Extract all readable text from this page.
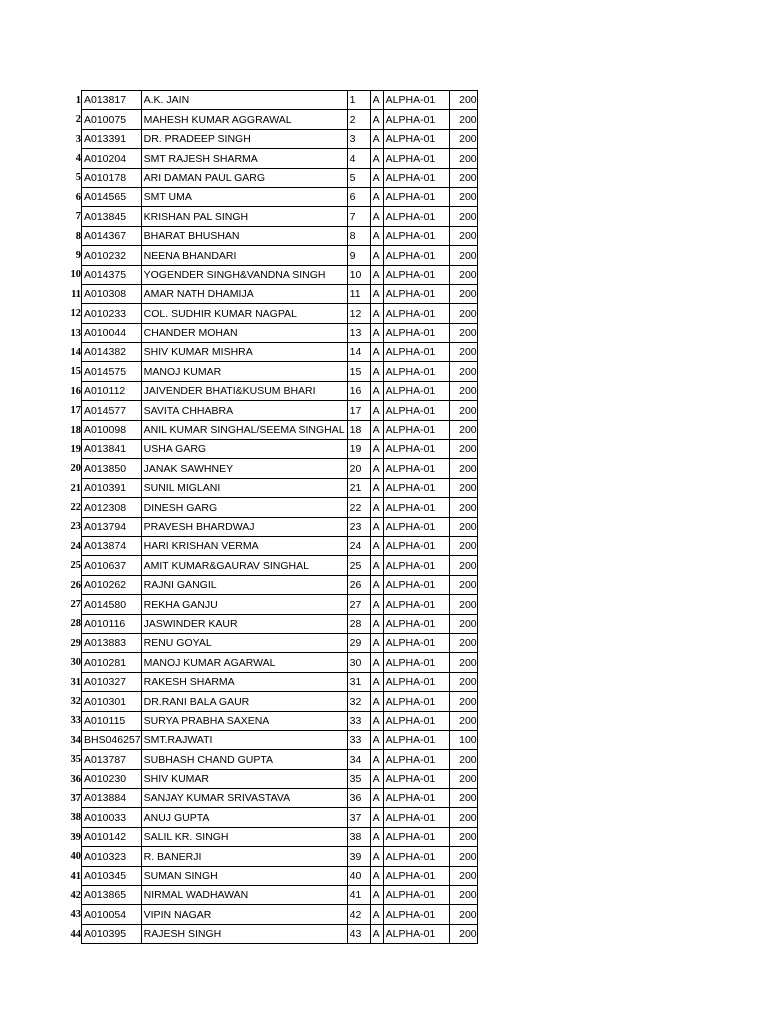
1	A013817	A.K. JAIN	1	A	ALPHA-01	200
2	A010075	MAHESH KUMAR AGGRAWAL	2	A	ALPHA-01	200
3	A013391	DR. PRADEEP SINGH	3	A	ALPHA-01	200
4	A010204	SMT RAJESH SHARMA	4	A	ALPHA-01	200
5	A010178	ARI DAMAN PAUL GARG	5	A	ALPHA-01	200
6	A014565	SMT UMA	6	A	ALPHA-01	200
7	A013845	KRISHAN PAL SINGH	7	A	ALPHA-01	200
8	A014367	BHARAT BHUSHAN	8	A	ALPHA-01	200
9	A010232	NEENA BHANDARI	9	A	ALPHA-01	200
10	A014375	YOGENDER SINGH&VANDNA SINGH	10	A	ALPHA-01	200
11	A010308	AMAR NATH DHAMIJA	11	A	ALPHA-01	200
12	A010233	COL. SUDHIR KUMAR NAGPAL	12	A	ALPHA-01	200
13	A010044	CHANDER MOHAN	13	A	ALPHA-01	200
14	A014382	SHIV KUMAR MISHRA	14	A	ALPHA-01	200
15	A014575	MANOJ KUMAR	15	A	ALPHA-01	200
16	A010112	JAIVENDER BHATI&KUSUM BHARI	16	A	ALPHA-01	200
17	A014577	SAVITA CHHABRA	17	A	ALPHA-01	200
18	A010098	ANIL KUMAR SINGHAL/SEEMA SINGHAL	18	A	ALPHA-01	200
19	A013841	USHA GARG	19	A	ALPHA-01	200
20	A013850	JANAK SAWHNEY	20	A	ALPHA-01	200
21	A010391	SUNIL MIGLANI	21	A	ALPHA-01	200
22	A012308	DINESH GARG	22	A	ALPHA-01	200
23	A013794	PRAVESH BHARDWAJ	23	A	ALPHA-01	200
24	A013874	HARI KRISHAN VERMA	24	A	ALPHA-01	200
25	A010637	AMIT KUMAR&GAURAV SINGHAL	25	A	ALPHA-01	200
26	A010262	RAJNI GANGIL	26	A	ALPHA-01	200
27	A014580	REKHA GANJU	27	A	ALPHA-01	200
28	A010116	JASWINDER KAUR	28	A	ALPHA-01	200
29	A013883	RENU GOYAL	29	A	ALPHA-01	200
30	A010281	MANOJ KUMAR AGARWAL	30	A	ALPHA-01	200
31	A010327	RAKESH SHARMA	31	A	ALPHA-01	200
32	A010301	DR.RANI BALA GAUR	32	A	ALPHA-01	200
33	A010115	SURYA PRABHA SAXENA	33	A	ALPHA-01	200
34	BHS046257	SMT.RAJWATI	33	A	ALPHA-01	100
35	A013787	SUBHASH CHAND GUPTA	34	A	ALPHA-01	200
36	A010230	SHIV KUMAR	35	A	ALPHA-01	200
37	A013884	SANJAY KUMAR SRIVASTAVA	36	A	ALPHA-01	200
38	A010033	ANUJ GUPTA	37	A	ALPHA-01	200
39	A010142	SALIL KR. SINGH	38	A	ALPHA-01	200
40	A010323	R. BANERJI	39	A	ALPHA-01	200
41	A010345	SUMAN SINGH	40	A	ALPHA-01	200
42	A013865	NIRMAL WADHAWAN	41	A	ALPHA-01	200
43	A010054	VIPIN NAGAR	42	A	ALPHA-01	200
44	A010395	RAJESH SINGH	43	A	ALPHA-01	200
